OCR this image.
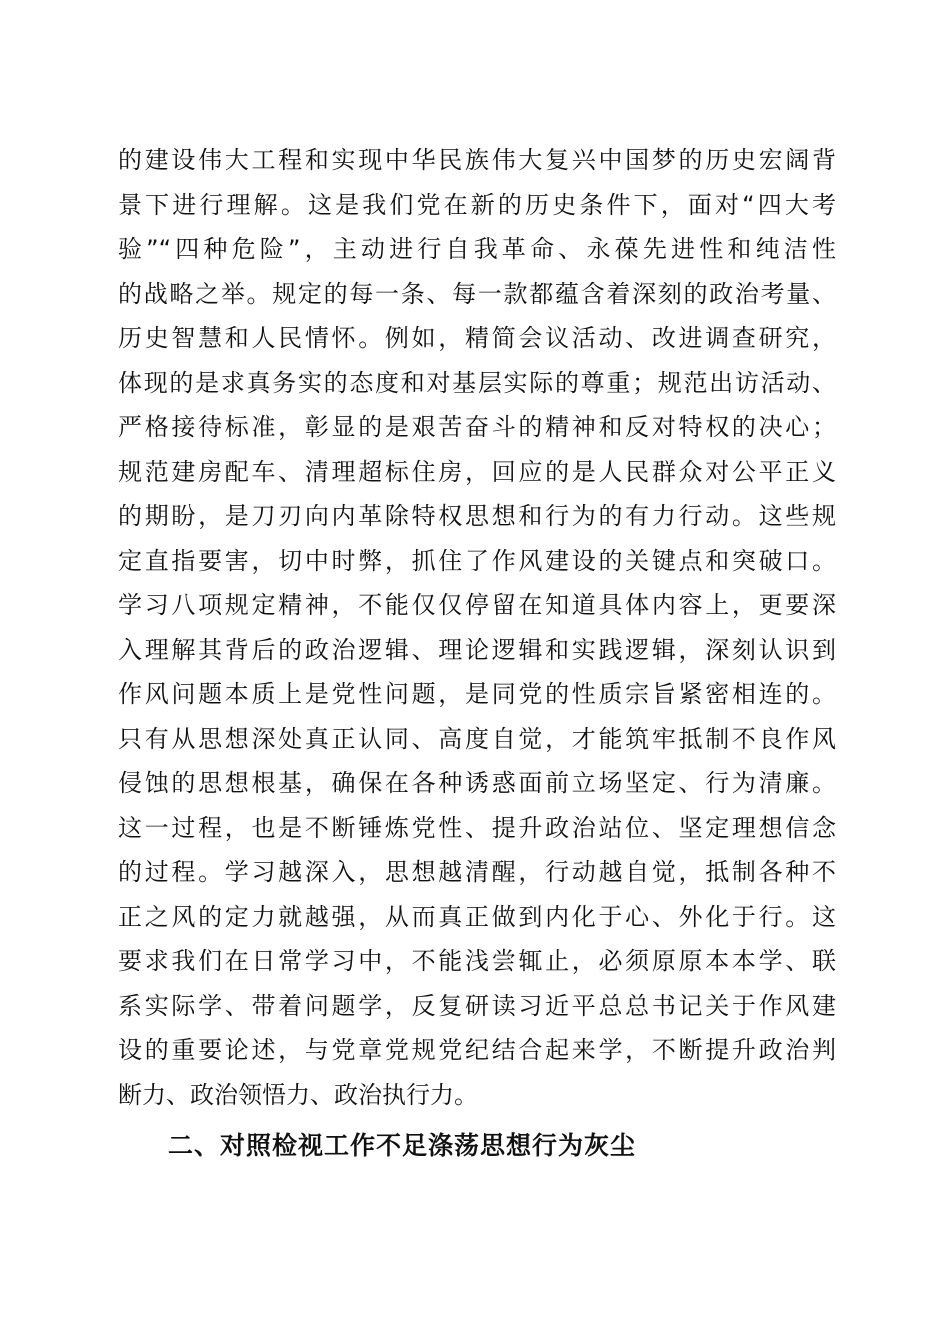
的建设伟大工程和实现中华民族伟大复兴中国梦的历史宏阔背
景下进行理解。这是我们党在新的历史条件下，面对“四大考
验”“四种危险”，主动进行自我革命、永葆先进性和纯洁性
的战略之举。规定的每一条、每一款都蕴含着深刻的政治考量、
历史智慧和人民情怀。例如，精简会议活动、改进调查研究，
体现的是求真务实的态度和对基层实际的尊重；规范出访活动、
严格接待标准，彰显的是艰苦奋斗的精神和反对特权的决心；
规范建房配车、清理超标住房，回应的是人民群众对公平正义
的期盼，是刀刃向内革除特权思想和行为的有力行动。这些规
定直指要害，切中时弊，抓住了作风建设的关键点和突破口。
学习八项规定精神，不能仅仅停留在知道具体内容上，更要深
入理解其背后的政治逻辑、理论逻辑和实践逻辑，深刻认识到
作风问题本质上是党性问题，是同党的性质宗旨紧密相连的。
只有从思想深处真正认同、高度自觉，才能筑牢抵制不良作风
侵蚀的思想根基，确保在各种诱惑面前立场坚定、行为清廉。
这一过程，也是不断锤炼党性、提升政治站位、坚定理想信念
的过程。学习越深入，思想越清醒，行动越自觉，抵制各种不
正之风的定力就越强，从而真正做到内化于心、外化于行。这
要求我们在日常学习中，不能浅尝辄止，必须原原本本学、联
系实际学、带着问题学，反复研读习近平总总书记关于作风建
设的重要论述，与党章党规党纪结合起来学，不断提升政治判
断力、政治领悟力、政治执行力。
二、对照检视工作不足涤荡思想行为灰尘
